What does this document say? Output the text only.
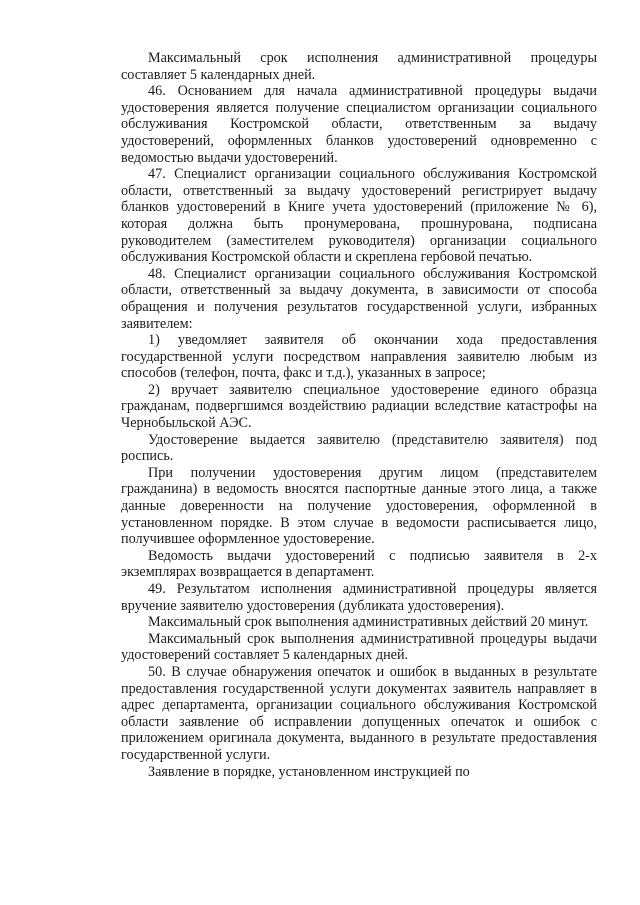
Максимальный срок исполнения административной процедуры составляет 5 календарных дней.

46. Основанием для начала административной процедуры выдачи удостоверения является получение специалистом организации социального обслуживания Костромской области, ответственным за выдачу удостоверений, оформленных бланков удостоверений одновременно с ведомостью выдачи удостоверений.

47. Специалист организации социального обслуживания Костромской области, ответственный за выдачу удостоверений регистрирует выдачу бланков удостоверений в Книге учета удостоверений (приложение № 6), которая должна быть пронумерована, прошнурована, подписана руководителем (заместителем руководителя) организации социального обслуживания Костромской области и скреплена гербовой печатью.

48. Специалист организации социального обслуживания Костромской области, ответственный за выдачу документа, в зависимости от способа обращения и получения результатов государственной услуги, избранных заявителем:

1) уведомляет заявителя об окончании хода предоставления государственной услуги посредством направления заявителю любым из способов (телефон, почта, факс и т.д.), указанных в запросе;

2) вручает заявителю специальное удостоверение единого образца гражданам, подвергшимся воздействию радиации вследствие катастрофы на Чернобыльской АЭС.

Удостоверение выдается заявителю (представителю заявителя) под роспись.

При получении удостоверения другим лицом (представителем гражданина) в ведомость вносятся паспортные данные этого лица, а также данные доверенности на получение удостоверения, оформленной в установленном порядке. В этом случае в ведомости расписывается лицо, получившее оформленное удостоверение.

Ведомость выдачи удостоверений с подписью заявителя в 2-х экземплярах возвращается в департамент.

49. Результатом исполнения административной процедуры является вручение заявителю удостоверения (дубликата удостоверения).

Максимальный срок выполнения административных действий 20 минут.

Максимальный срок выполнения административной процедуры выдачи удостоверений составляет 5 календарных дней.

50. В случае обнаружения опечаток и ошибок в выданных в результате предоставления государственной услуги документах заявитель направляет в адрес департамента, организации социального обслуживания Костромской области заявление об исправлении допущенных опечаток и ошибок с приложением оригинала документа, выданного в результате предоставления государственной услуги.

Заявление в порядке, установленном инструкцией по
